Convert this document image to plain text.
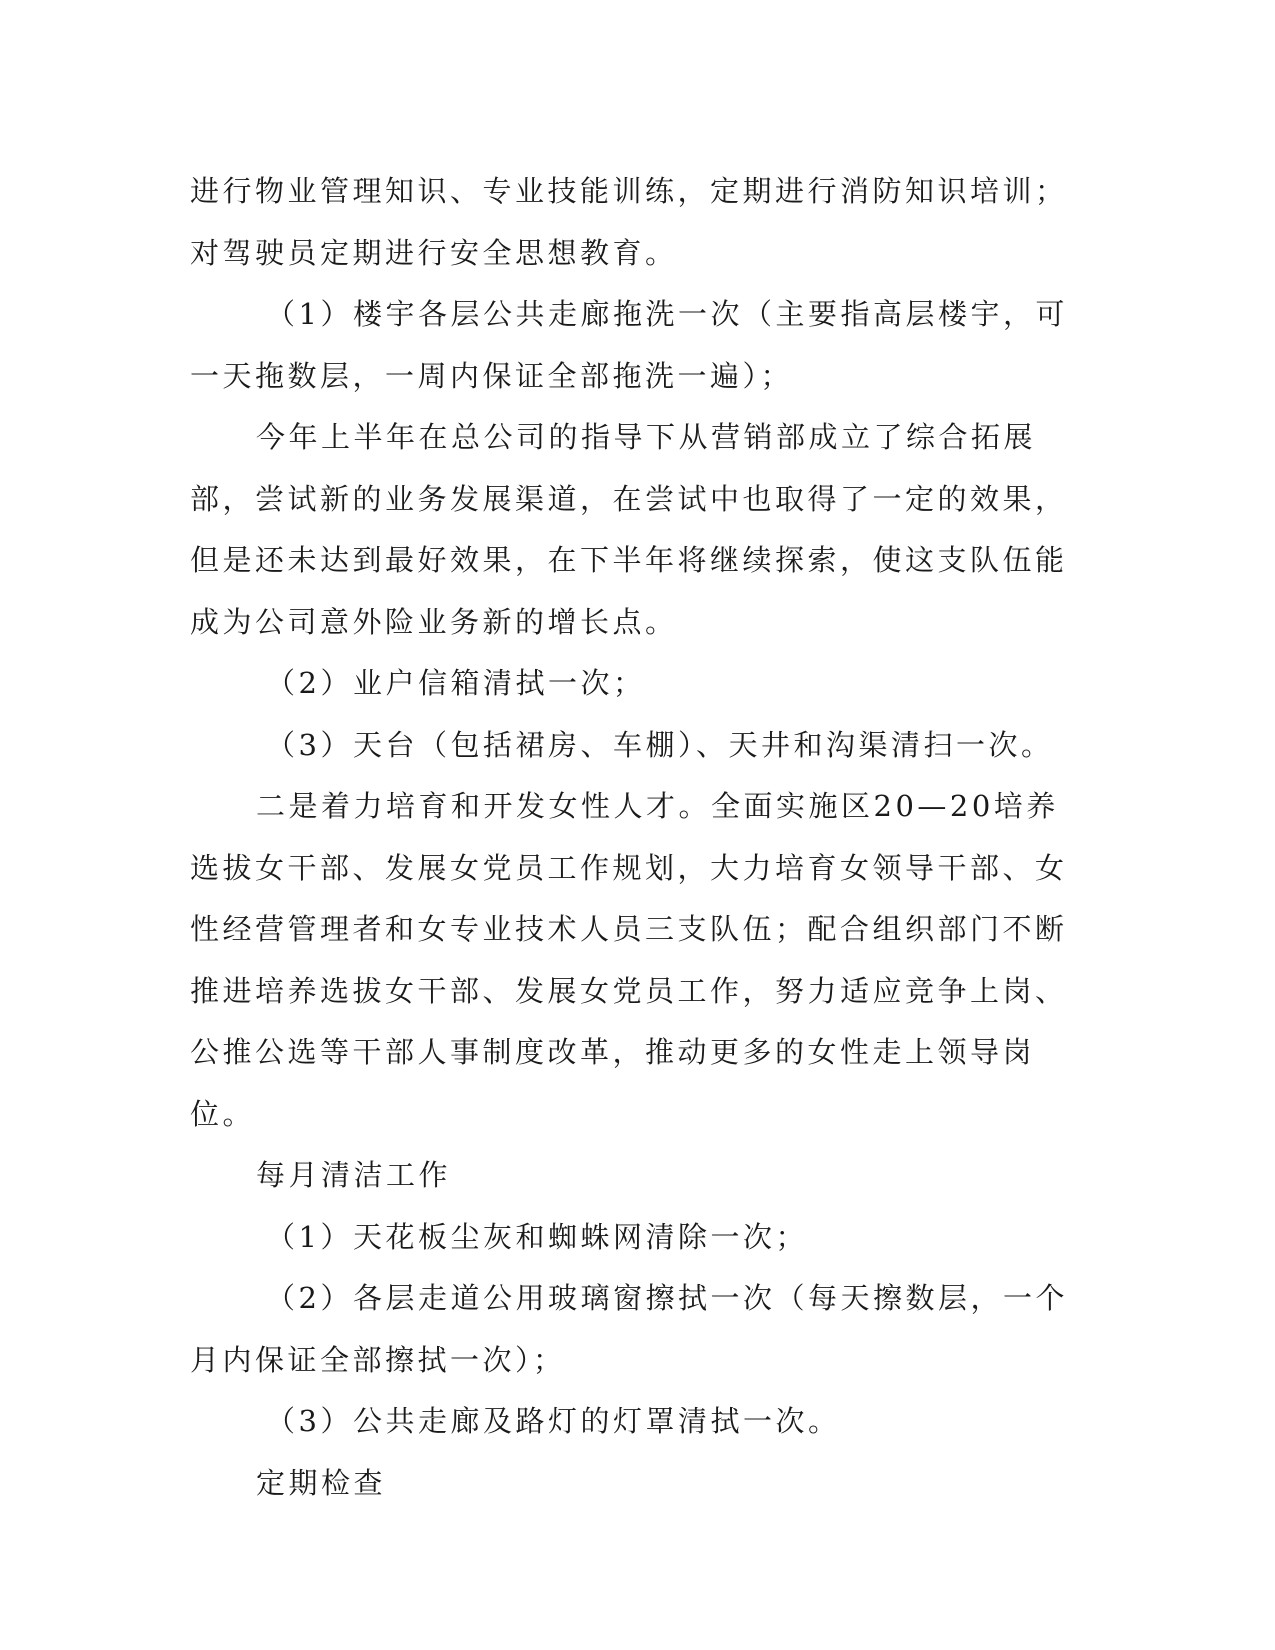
进行物业管理知识、专业技能训练，定期进行消防知识培训；对驾驶员定期进行安全思想教育。

（1）楼宇各层公共走廊拖洗一次（主要指高层楼宇，可一天拖数层，一周内保证全部拖洗一遍）；

今年上半年在总公司的指导下从营销部成立了综合拓展部，尝试新的业务发展渠道，在尝试中也取得了一定的效果，但是还未达到最好效果，在下半年将继续探索，使这支队伍能成为公司意外险业务新的增长点。

（2）业户信箱清拭一次；

（3）天台（包括裙房、车棚）、天井和沟渠清扫一次。

二是着力培育和开发女性人才。全面实施区20—20培养选拔女干部、发展女党员工作规划，大力培育女领导干部、女性经营管理者和女专业技术人员三支队伍；配合组织部门不断推进培养选拔女干部、发展女党员工作，努力适应竞争上岗、公推公选等干部人事制度改革，推动更多的女性走上领导岗位。

每月清洁工作

（1）天花板尘灰和蜘蛛网清除一次；

（2）各层走道公用玻璃窗擦拭一次（每天擦数层，一个月内保证全部擦拭一次）；

（3）公共走廊及路灯的灯罩清拭一次。

定期检查
